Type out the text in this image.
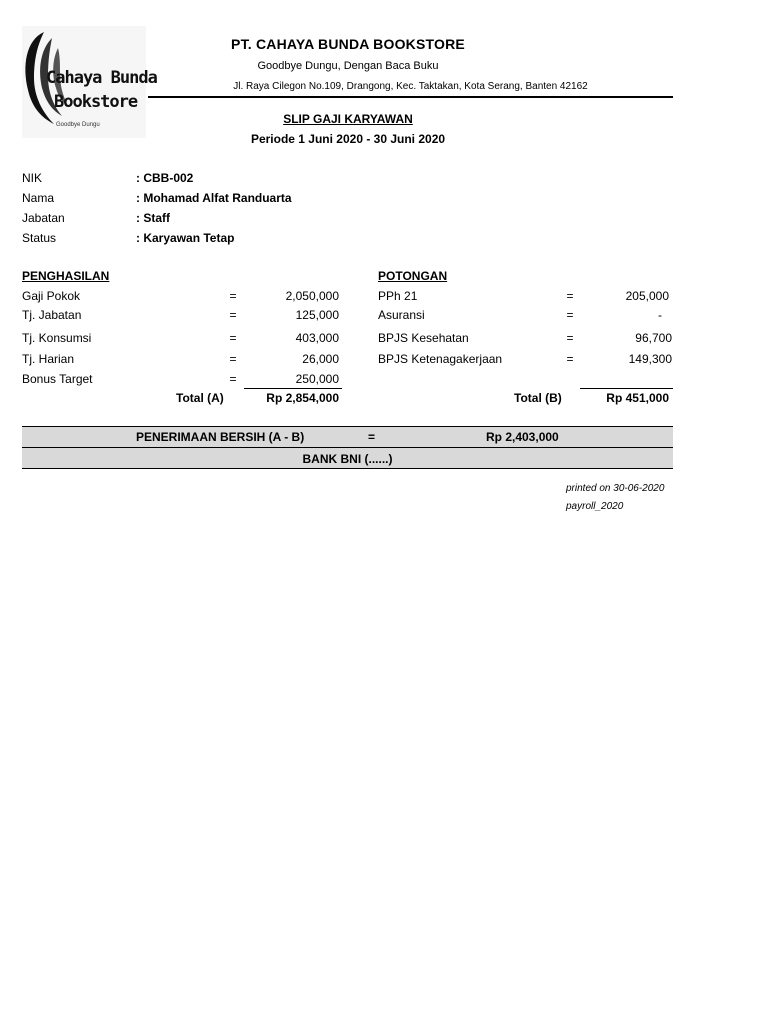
Cahaya Bunda
Bookstore
Goodbye Dungu
PT. CAHAYA BUNDA BOOKSTORE
Goodbye Dungu, Dengan Baca Buku
Jl. Raya Cilegon No.109, Drangong, Kec. Taktakan, Kota Serang, Banten 42162
SLIP GAJI KARYAWAN
Periode 1 Juni 2020 - 30 Juni 2020
NIK	: CBB-002
Nama	: Mohamad Alfat Randuarta
Jabatan	: Staff
Status	: Karyawan Tetap
PENGHASILAN
Gaji Pokok	=	2,050,000
Tj. Jabatan	=	125,000
Tj. Konsumsi	=	403,000
Tj. Harian	=	26,000
Bonus Target	=	250,000
Total (A)	Rp 2,854,000
POTONGAN
PPh 21	=	205,000
Asuransi	=	-
BPJS Kesehatan	=	96,700
BPJS Ketenagakerjaan	=	149,300
Total (B)	Rp 451,000
PENERIMAAN BERSIH (A - B)	=	Rp 2,403,000
BANK BNI (......)
printed on 30-06-2020
payroll_2020
